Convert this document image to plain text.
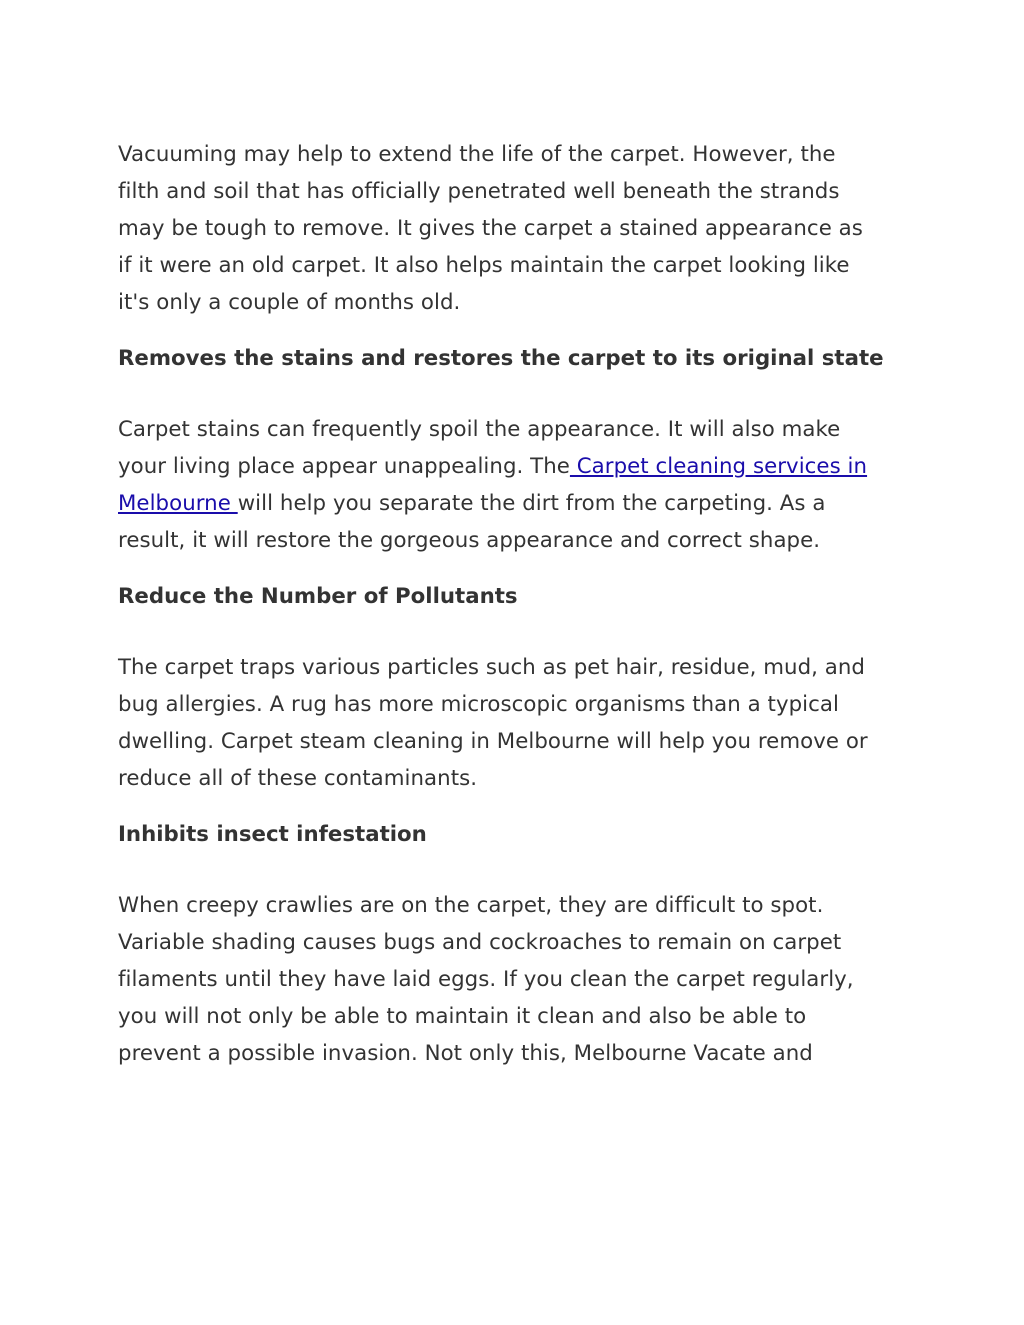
Vacuuming may help to extend the life of the carpet. However, the
filth and soil that has officially penetrated well beneath the strands
may be tough to remove. It gives the carpet a stained appearance as
if it were an old carpet. It also helps maintain the carpet looking like
it's only a couple of months old.

Removes the stains and restores the carpet to its original state

Carpet stains can frequently spoil the appearance. It will also make
your living place appear unappealing. The Carpet cleaning services in
Melbourne will help you separate the dirt from the carpeting. As a
result, it will restore the gorgeous appearance and correct shape.

Reduce the Number of Pollutants

The carpet traps various particles such as pet hair, residue, mud, and
bug allergies. A rug has more microscopic organisms than a typical
dwelling. Carpet steam cleaning in Melbourne will help you remove or
reduce all of these contaminants.

Inhibits insect infestation

When creepy crawlies are on the carpet, they are difficult to spot.
Variable shading causes bugs and cockroaches to remain on carpet
filaments until they have laid eggs. If you clean the carpet regularly,
you will not only be able to maintain it clean and also be able to
prevent a possible invasion. Not only this, Melbourne Vacate and
